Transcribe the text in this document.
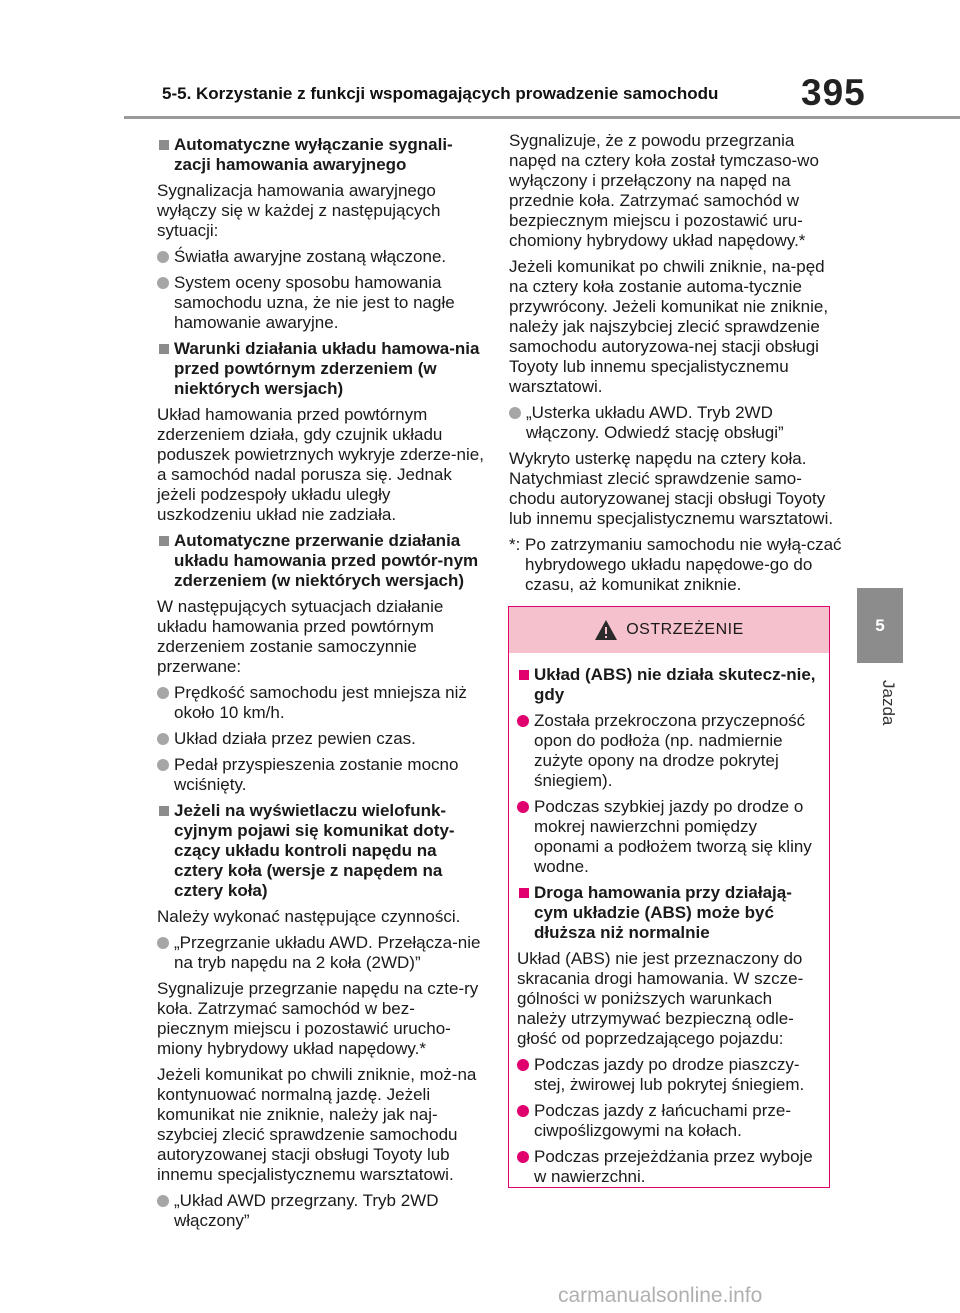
5-5. Korzystanie z funkcji wspomagających prowadzenie samochodu 395
5
Jazda
Automatyczne wyłączanie sygnali-zacji hamowania awaryjnego

Sygnalizacja hamowania awaryjnego wyłączy się w każdej z następujących sytuacji:

Światła awaryjne zostaną włączone.
System oceny sposobu hamowania samochodu uzna, że nie jest to nagłe hamowanie awaryjne.
Warunki działania układu hamowa-nia przed powtórnym zderzeniem (w niektórych wersjach)

Układ hamowania przed powtórnym zderzeniem działa, gdy czujnik układu poduszek powietrznych wykryje zderze-nie, a samochód nadal porusza się. Jednak jeżeli podzespoły układu uległy uszkodzeniu układ nie zadziała.

Automatyczne przerwanie działania układu hamowania przed powtór-nym zderzeniem (w niektórych wersjach)

W następujących sytuacjach działanie układu hamowania przed powtórnym zderzeniem zostanie samoczynnie przerwane:

Prędkość samochodu jest mniejsza niż około 10 km/h.
Układ działa przez pewien czas.
Pedał przyspieszenia zostanie mocno wciśnięty.
Jeżeli na wyświetlaczu wielofunk-cyjnym pojawi się komunikat doty-czący układu kontroli napędu na cztery koła (wersje z napędem na cztery koła)

Należy wykonać następujące czynności.

„Przegrzanie układu AWD. Przełącza-nie na tryb napędu na 2 koła (2WD)”

Sygnalizuje przegrzanie napędu na czte-ry koła. Zatrzymać samochód w bez-piecznym miejscu i pozostawić urucho-miony hybrydowy układ napędowy.*

Jeżeli komunikat po chwili zniknie, moż-na kontynuować normalną jazdę. Jeżeli komunikat nie zniknie, należy jak naj-szybciej zlecić sprawdzenie samochodu autoryzowanej stacji obsługi Toyoty lub innemu specjalistycznemu warsztatowi.

„Układ AWD przegrzany. Tryb 2WD włączony”

Sygnalizuje, że z powodu przegrzania napęd na cztery koła został tymczaso-wo wyłączony i przełączony na napęd na przednie koła. Zatrzymać samochód w bezpiecznym miejscu i pozostawić uru-chomiony hybrydowy układ napędowy.*

Jeżeli komunikat po chwili zniknie, na-pęd na cztery koła zostanie automa-tycznie przywrócony. Jeżeli komunikat nie zniknie, należy jak najszybciej zlecić sprawdzenie samochodu autoryzowa-nej stacji obsługi Toyoty lub innemu specjalistycznemu warsztatowi.

„Usterka układu AWD. Tryb 2WD włączony. Odwiedź stację obsługi”

Wykryto usterkę napędu na cztery koła. Natychmiast zlecić sprawdzenie samo-chodu autoryzowanej stacji obsługi Toyoty lub innemu specjalistycznemu warsztatowi.

*: Po zatrzymaniu samochodu nie wyłą-czać hybrydowego układu napędowe-go do czasu, aż komunikat zniknie.
OSTRZEŻENIE
Układ (ABS) nie działa skutecz-nie, gdy
Została przekroczona przyczepność opon do podłoża (np. nadmiernie zużyte opony na drodze pokrytej śniegiem).
Podczas szybkiej jazdy po drodze o mokrej nawierzchni pomiędzy oponami a podłożem tworzą się kliny wodne.
Droga hamowania przy działają-cym układzie (ABS) może być dłuższa niż normalnie

Układ (ABS) nie jest przeznaczony do skracania drogi hamowania. W szcze-gólności w poniższych warunkach należy utrzymywać bezpieczną odle-głość od poprzedzającego pojazdu:

Podczas jazdy po drodze piaszczy-stej, żwirowej lub pokrytej śniegiem.
Podczas jazdy z łańcuchami prze-ciwpoślizgowymi na kołach.
Podczas przejeżdżania przez wyboje w nawierzchni.
carmanualsonline.info
